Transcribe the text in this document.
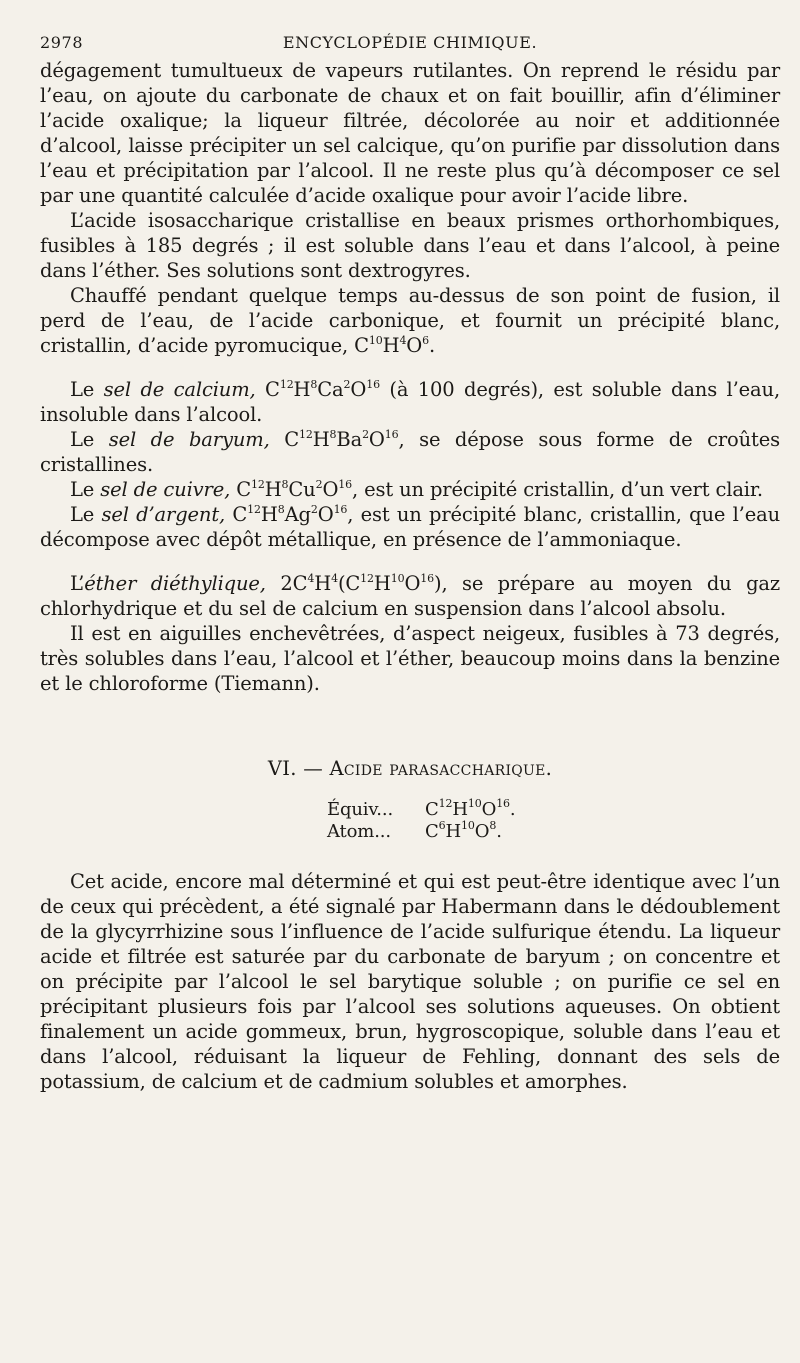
2978	ENCYCLOPÉDIE CHIMIQUE.

dégagement tumultueux de vapeurs rutilantes. On reprend le résidu par l’eau, on ajoute du carbonate de chaux et on fait bouillir, afin d’éliminer l’acide oxalique; la liqueur filtrée, décolorée au noir et additionnée d’alcool, laisse précipiter un sel calcique, qu’on purifie par dissolution dans l’eau et précipitation par l’alcool. Il ne reste plus qu’à décomposer ce sel par une quantité calculée d’acide oxalique pour avoir l’acide libre.

L’acide isosaccharique cristallise en beaux prismes orthorhombiques, fusibles à 185 degrés ; il est soluble dans l’eau et dans l’alcool, à peine dans l’éther. Ses solutions sont dextrogyres.

Chauffé pendant quelque temps au-dessus de son point de fusion, il perd de l’eau, de l’acide carbonique, et fournit un précipité blanc, cristallin, d’acide pyromucique, $C^{10}H^4O^6$.

Le sel de calcium, $C^{12}H^8Ca^2O^{16}$ (à 100 degrés), est soluble dans l’eau, insoluble dans l’alcool.

Le sel de baryum, $C^{12}H^8Ba^2O^{16}$, se dépose sous forme de croûtes cristallines.

Le sel de cuivre, $C^{12}H^8Cu^2O^{16}$, est un précipité cristallin, d’un vert clair.

Le sel d’argent, $C^{12}H^8Ag^2O^{16}$, est un précipité blanc, cristallin, que l’eau décompose avec dépôt métallique, en présence de l’ammoniaque.

L’éther diéthylique, $2C^4H^4(C^{12}H^{10}O^{16})$, se prépare au moyen du gaz chlorhydrique et du sel de calcium en suspension dans l’alcool absolu.

Il est en aiguilles enchevêtrées, d’aspect neigeux, fusibles à 73 degrés, très solubles dans l’eau, l’alcool et l’éther, beaucoup moins dans la benzine et le chloroforme (Tiemann).

VI. — Acide parasaccharique.
Équiv... $C^{12}H^{10}O^{16}$.
Atom... $C^6H^{10}O^8$.

Cet acide, encore mal déterminé et qui est peut-être identique avec l’un de ceux qui précèdent, a été signalé par Habermann dans le dédoublement de la glycyrrhizine sous l’influence de l’acide sulfurique étendu. La liqueur acide et filtrée est saturée par du carbonate de baryum ; on concentre et on précipite par l’alcool le sel barytique soluble ; on purifie ce sel en précipitant plusieurs fois par l’alcool ses solutions aqueuses. On obtient finalement un acide gommeux, brun, hygroscopique, soluble dans l’eau et dans l’alcool, réduisant la liqueur de Fehling, donnant des sels de potassium, de calcium et de cadmium solubles et amorphes.
